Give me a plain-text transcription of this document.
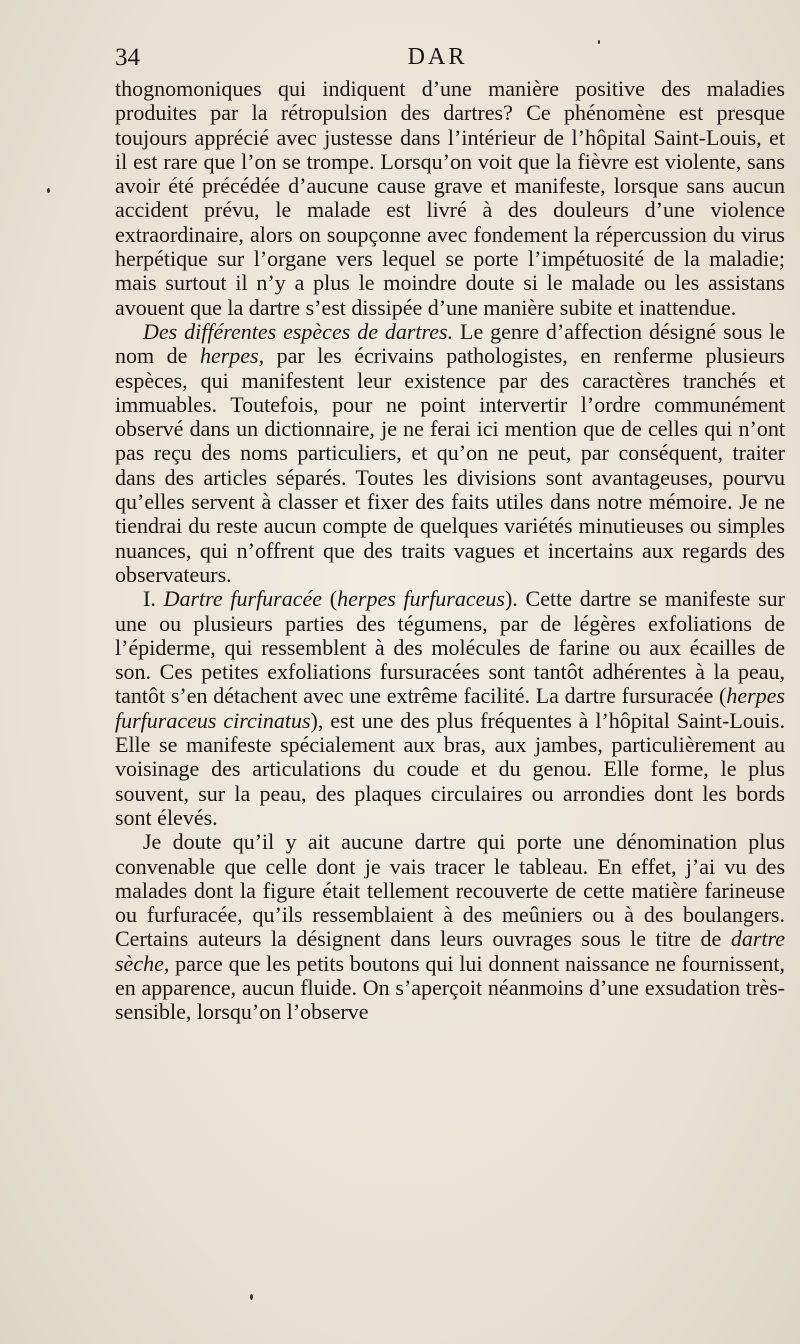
34	DAR

thognomoniques qui indiquent d’une manière positive des maladies produites par la rétropulsion des dartres? Ce phénomène est presque toujours apprécié avec justesse dans l’intérieur de l’hôpital Saint-Louis, et il est rare que l’on se trompe. Lorsqu’on voit que la fièvre est violente, sans avoir été précédée d’aucune cause grave et manifeste, lorsque sans aucun accident prévu, le malade est livré à des douleurs d’une violence extraordinaire, alors on soupçonne avec fondement la répercussion du virus herpétique sur l’organe vers lequel se porte l’impétuosité de la maladie; mais surtout il n’y a plus le moindre doute si le malade ou les assistans avouent que la dartre s’est dissipée d’une manière subite et inattendue.

Des différentes espèces de dartres. Le genre d’affection désigné sous le nom de herpes, par les écrivains pathologistes, en renferme plusieurs espèces, qui manifestent leur existence par des caractères tranchés et immuables. Toutefois, pour ne point intervertir l’ordre communément observé dans un dictionnaire, je ne ferai ici mention que de celles qui n’ont pas reçu des noms particuliers, et qu’on ne peut, par conséquent, traiter dans des articles séparés. Toutes les divisions sont avantageuses, pourvu qu’elles servent à classer et fixer des faits utiles dans notre mémoire. Je ne tiendrai du reste aucun compte de quelques variétés minutieuses ou simples nuances, qui n’offrent que des traits vagues et incertains aux regards des observateurs.

I. Dartre furfuracée (herpes furfuraceus). Cette dartre se manifeste sur une ou plusieurs parties des tégumens, par de légères exfoliations de l’épiderme, qui ressemblent à des molécules de farine ou aux écailles de son. Ces petites exfoliations fursuracées sont tantôt adhérentes à la peau, tantôt s’en détachent avec une extrême facilité. La dartre fursuracée (herpes furfuraceus circinatus), est une des plus fréquentes à l’hôpital Saint-Louis. Elle se manifeste spécialement aux bras, aux jambes, particulièrement au voisinage des articulations du coude et du genou. Elle forme, le plus souvent, sur la peau, des plaques circulaires ou arrondies dont les bords sont élevés.

Je doute qu’il y ait aucune dartre qui porte une dénomination plus convenable que celle dont je vais tracer le tableau. En effet, j’ai vu des malades dont la figure était tellement recouverte de cette matière farineuse ou furfuracée, qu’ils ressemblaient à des meûniers ou à des boulangers. Certains auteurs la désignent dans leurs ouvrages sous le titre de dartre sèche, parce que les petits boutons qui lui donnent naissance ne fournissent, en apparence, aucun fluide. On s’aperçoit néanmoins d’une exsudation très-sensible, lorsqu’on l’observe
